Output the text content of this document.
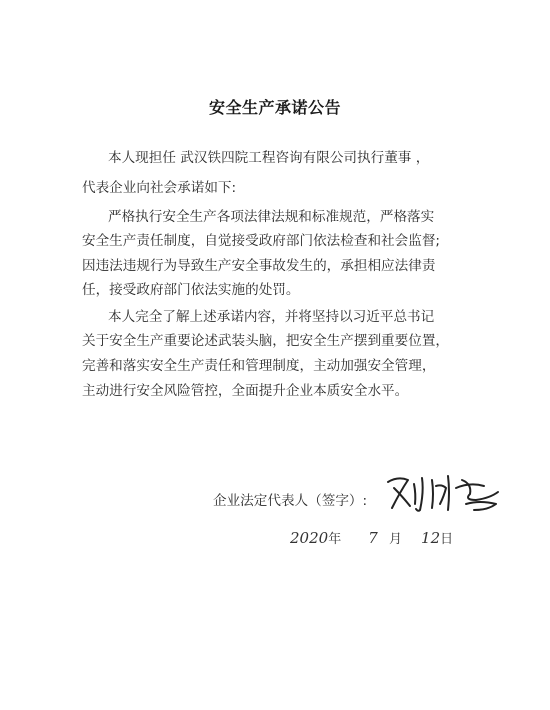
安全生产承诺公告
本人现担任 武汉铁四院工程咨询有限公司执行董事 ，
代表企业向社会承诺如下:
严格执行安全生产各项法律法规和标准规范，严格落实
安全生产责任制度，自觉接受政府部门依法检查和社会监督;
因违法违规行为导致生产安全事故发生的，承担相应法律责
任，接受政府部门依法实施的处罚。
本人完全了解上述承诺内容，并将坚持以习近平总书记
关于安全生产重要论述武装头脑，把安全生产摆到重要位置，
完善和落实安全生产责任和管理制度，主动加强安全管理，
主动进行安全风险管控，全面提升企业本质安全水平。
企业法定代表人（签字）:
2020年 7 月 12日
